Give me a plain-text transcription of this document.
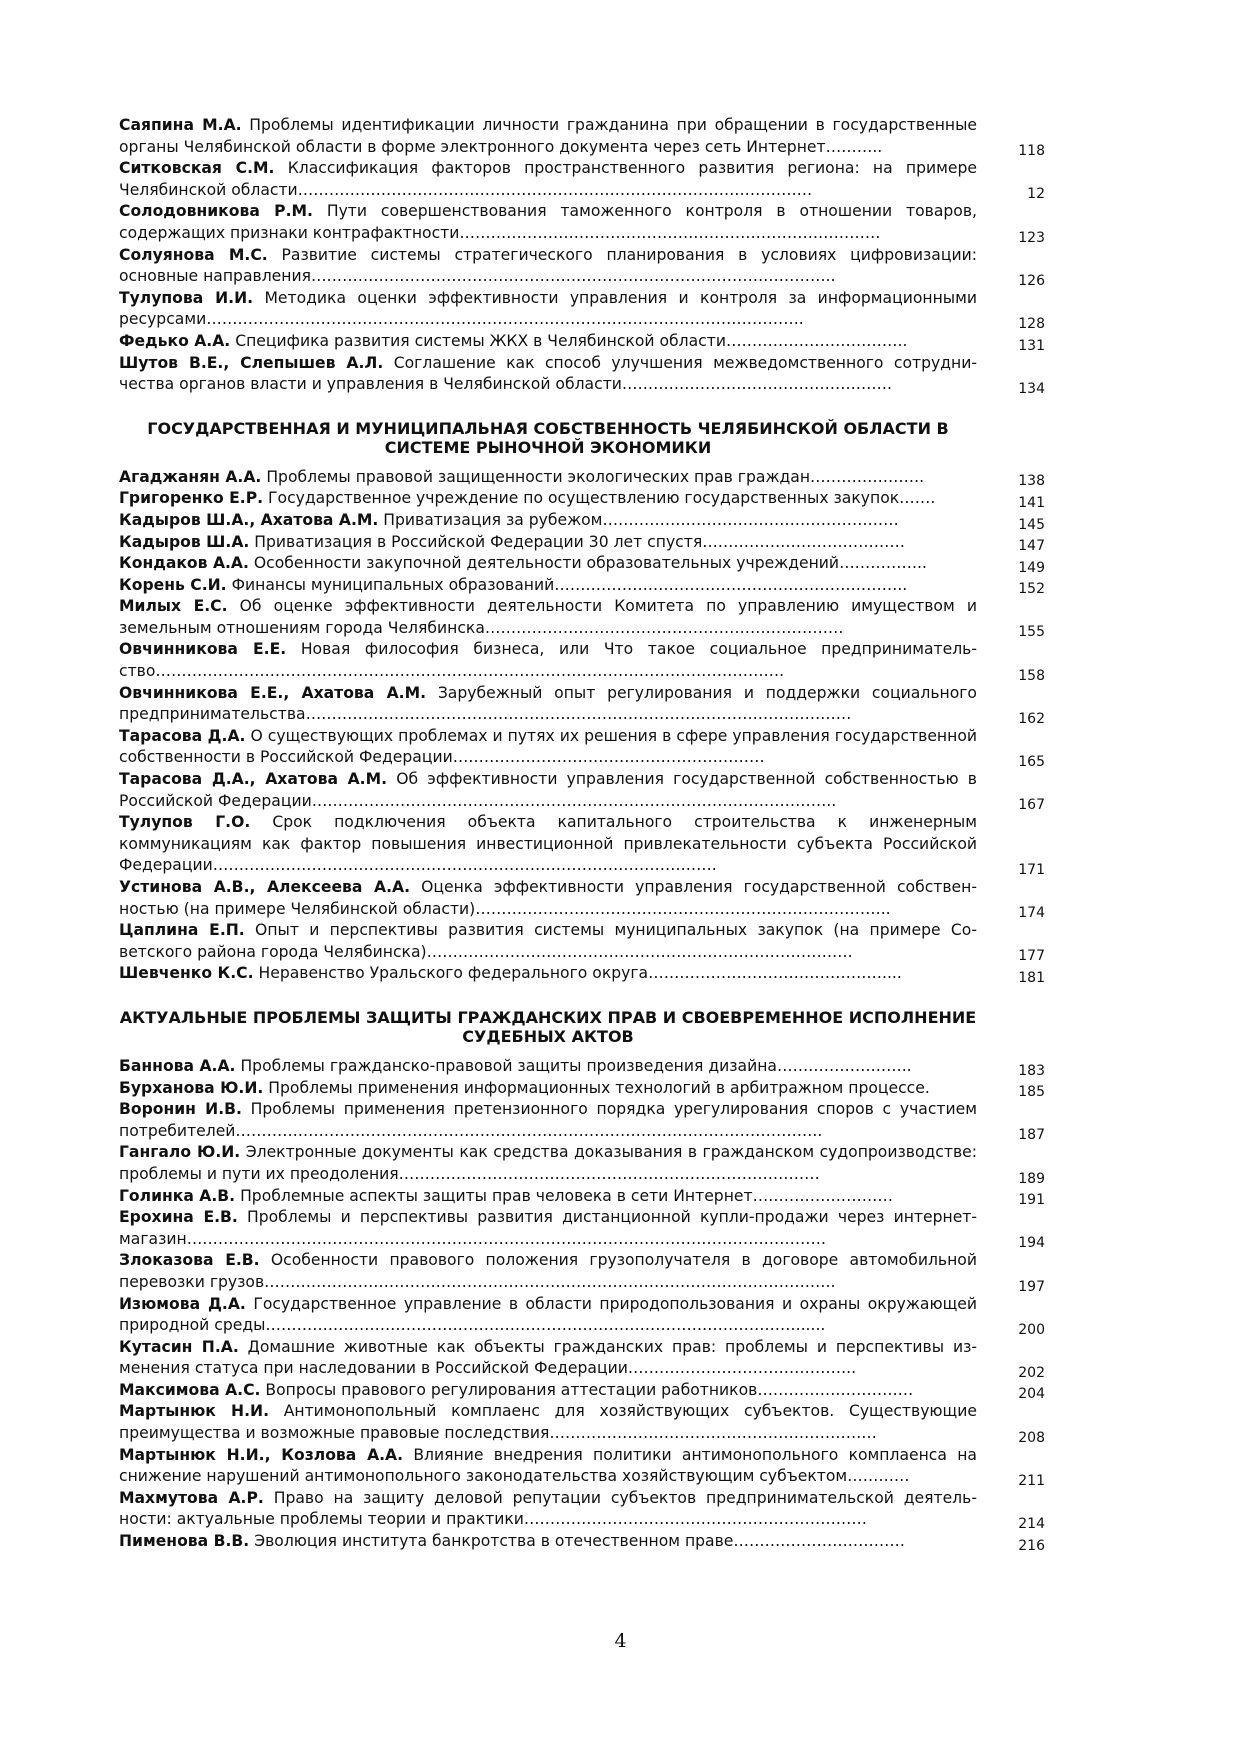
Саяпина М.А. Проблемы идентификации личности гражданина при обращении в государственные органы Челябинской области в форме электронного документа через сеть Интернет………..	118
Ситковская С.М. Классификация факторов пространственного развития региона: на примере Челябинской области………………………………………………………………………………………	12
Солодовникова Р.М. Пути совершенствования таможенного контроля в отношении товаров, содержащих признаки контрафактности………………………………………………………………………	123
Солуянова М.С. Развитие системы стратегического планирования в условиях цифровизации: основные направления………………………………………………………………………………………..	126
Тулупова И.И. Методика оценки эффективности управления и контроля за информационными ресурсами…………………………………………………………………………………………………….	128
Федько А.А. Специфика развития системы ЖКХ в Челябинской области……………………………..	131
Шутов В.Е., Слепышев А.Л. Соглашение как способ улучшения межведомственного сотрудничества органов власти и управления в Челябинской области…………………………………………….	134
ГОСУДАРСТВЕННАЯ И МУНИЦИПАЛЬНАЯ СОБСТВЕННОСТЬ ЧЕЛЯБИНСКОЙ ОБЛАСТИ В СИСТЕМЕ РЫНОЧНОЙ ЭКОНОМИКИ
Агаджанян А.А. Проблемы правовой защищенности экологических прав граждан………………….	138
Григоренко Е.Р. Государственное учреждение по осуществлению государственных закупок…….	141
Кадыров Ш.А., Ахатова А.М. Приватизация за рубежом…………………………………………………	145
Кадыров Ш.А. Приватизация в Российской Федерации 30 лет спустя…………………………………	147
Кондаков А.А. Особенности закупочной деятельности образовательных учреждений……………..	149
Корень С.И. Финансы муниципальных образований…………………………………………………………..	152
Милых Е.С. Об оценке эффективности деятельности Комитета по управлению имуществом и земельным отношениям города Челябинска……………………………………………………………	155
Овчинникова Е.Е. Новая философия бизнеса, или Что такое социальное предпринимательство………………………………………………………………………………………………………….	158
Овчинникова Е.Е., Ахатова А.М. Зарубежный опыт регулирования и поддержки социального предпринимательства……………………………………………………………………………………………	162
Тарасова Д.А. О существующих проблемах и путях их решения в сфере управления государственной собственности в Российской Федерации……………………………………………………	165
Тарасова Д.А., Ахатова А.М. Об эффективности управления государственной собственностью в Российской Федерации………………………………………………………………………………………..	167
Тулупов Г.О. Срок подключения объекта капитального строительства к инженерным коммуникациям как фактор повышения инвестиционной привлекательности субъекта Российской Федерации…………………………………………………………………………………….	171
Устинова А.В., Алексеева А.А. Оценка эффективности управления государственной собственностью (на примере Челябинской области)……………………………………………………………………..	174
Цаплина Е.П. Опыт и перспективы развития системы муниципальных закупок (на примере Советского района города Челябинска)……………………………………………………………………….	177
Шевченко К.С. Неравенство Уральского федерального округа………………………………………....	181
АКТУАЛЬНЫЕ ПРОБЛЕМЫ ЗАЩИТЫ ГРАЖДАНСКИХ ПРАВ И СВОЕВРЕМЕННОЕ ИСПОЛНЕНИЕ СУДЕБНЫХ АКТОВ
Баннова А.А. Проблемы гражданско-правовой защиты произведения дизайна……………………..	183
Бурханова Ю.И. Проблемы применения информационных технологий в арбитражном процессе.	185
Воронин И.В. Проблемы применения претензионного порядка урегулирования споров с участием потребителей…………………………………………………………………………………………………..	187
Гангало Ю.И. Электронные документы как средства доказывания в гражданском судопроизводстве: проблемы и пути их преодоления………………………………………………………………………	189
Голинка А.В. Проблемные аспекты защиты прав человека в сети Интернет………………………	191
Ерохина Е.В. Проблемы и перспективы развития дистанционной купли-продажи через интернет-магазин……………………………………………………………………………………………………………	194
Злоказова Е.В. Особенности правового положения грузополучателя в договоре автомобильной перевозки грузов………………………………………………………………………………………………..	197
Изюмова Д.А. Государственное управление в области природопользования и охраны окружающей природной среды…………………………………………………………………………………………......	200
Кутасин П.А. Домашние животные как объекты гражданских прав: проблемы и перспективы изменения статуса при наследовании в Российской Федерации……………………………………..	202
Максимова А.С. Вопросы правового регулирования аттестации работников…………………………	204
Мартынюк Н.И. Антимонопольный комплаенс для хозяйствующих субъектов. Существующие преимущества и возможные правовые последствия………………………………………………………	208
Мартынюк Н.И., Козлова А.А. Влияние внедрения политики антимонопольного комплаенса на снижение нарушений антимонопольного законодательства хозяйствующим субъектом…………	211
Махмутова А.Р. Право на защиту деловой репутации субъектов предпринимательской деятельности: актуальные проблемы теории и практики…………………………………………………………	214
Пименова В.В. Эволюция института банкротства в отечественном праве……………………………	216
4
